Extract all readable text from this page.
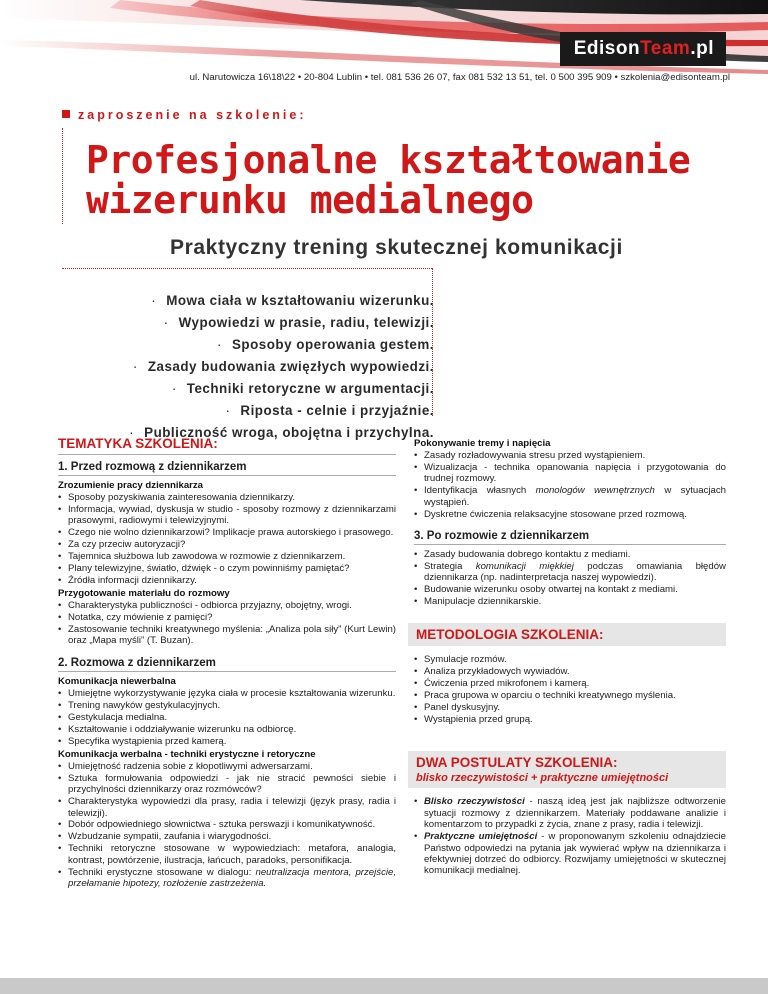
EdisonTeam.pl
ul. Narutowicza 16\18\22 • 20-804 Lublin • tel. 081 536 26 07, fax 081 532 13 51, tel. 0 500 395 909 • szkolenia@edisonteam.pl
zaproszenie na szkolenie:
Profesjonalne kształtowanie
wizerunku medialnego
Praktyczny trening skutecznej komunikacji
· Mowa ciała w kształtowaniu wizerunku.
· Wypowiedzi w prasie, radiu, telewizji.
· Sposoby operowania gestem.
· Zasady budowania zwięzłych wypowiedzi.
· Techniki retoryczne w argumentacji.
· Riposta - celnie i przyjaźnie.
· Publiczność wroga, obojętna i przychylna.
TEMATYKA SZKOLENIA:
1. Przed rozmową z dziennikarzem
Zrozumienie pracy dziennikarza
• Sposoby pozyskiwania zainteresowania dziennikarzy.
• Informacja, wywiad, dyskusja w studio - sposoby rozmowy z dziennikarzami prasowymi, radiowymi i telewizyjnymi.
• Czego nie wolno dziennikarzowi? Implikacje prawa autorskiego i prasowego.
• Za czy przeciw autoryzacji?
• Tajemnica służbowa lub zawodowa w rozmowie z dziennikarzem.
• Plany telewizyjne, światło, dźwięk - o czym powinniśmy pamiętać?
• Źródła informacji dziennikarzy.
Przygotowanie materiału do rozmowy
• Charakterystyka publiczności - odbiorca przyjazny, obojętny, wrogi.
• Notatka, czy mówienie z pamięci?
• Zastosowanie techniki kreatywnego myślenia: „Analiza pola siły” (Kurt Lewin) oraz „Mapa myśli” (T. Buzan).
2. Rozmowa z dziennikarzem
Komunikacja niewerbalna
• Umiejętne wykorzystywanie języka ciała w procesie kształtowania wizerunku.
• Trening nawyków gestykulacyjnych.
• Gestykulacja medialna.
• Kształtowanie i oddziaływanie wizerunku na odbiorcę.
• Specyfika wystąpienia przed kamerą.
Komunikacja werbalna - techniki erystyczne i retoryczne
• Umiejętność radzenia sobie z kłopotliwymi adwersarzami.
• Sztuka formułowania odpowiedzi - jak nie stracić pewności siebie i przychylności dziennikarzy oraz rozmówców?
• Charakterystyka wypowiedzi dla prasy, radia i telewizji (język prasy, radia i telewizji).
• Dobór odpowiedniego słownictwa - sztuka perswazji i komunikatywność.
• Wzbudzanie sympatii, zaufania i wiarygodności.
• Techniki retoryczne stosowane w wypowiedziach: metafora, analogia, kontrast, powtórzenie, ilustracja, łańcuch, paradoks, personifikacja.
• Techniki erystyczne stosowane w dialogu: neutralizacja mentora, przejście, przełamanie hipotezy, rozłożenie zastrzeżenia.
Pokonywanie tremy i napięcia
• Zasady rozładowywania stresu przed wystąpieniem.
• Wizualizacja - technika opanowania napięcia i przygotowania do trudnej rozmowy.
• Identyfikacja własnych monologów wewnętrznych w sytuacjach wystąpień.
• Dyskretne ćwiczenia relaksacyjne stosowane przed rozmową.
3. Po rozmowie z dziennikarzem
• Zasady budowania dobrego kontaktu z mediami.
• Strategia komunikacji miękkiej podczas omawiania błędów dziennikarza (np. nadinterpretacja naszej wypowiedzi).
• Budowanie wizerunku osoby otwartej na kontakt z mediami.
• Manipulacje dziennikarskie.
METODOLOGIA SZKOLENIA:
• Symulacje rozmów.
• Analiza przykładowych wywiadów.
• Ćwiczenia przed mikrofonem i kamerą.
• Praca grupowa w oparciu o techniki kreatywnego myślenia.
• Panel dyskusyjny.
• Wystąpienia przed grupą.
DWA POSTULATY SZKOLENIA:
blisko rzeczywistości + praktyczne umiejętności
• Blisko rzeczywistości - naszą ideą jest jak najbliższe odtworzenie sytuacji rozmowy z dziennikarzem. Materiały poddawane analizie i komentarzom to przypadki z życia, znane z prasy, radia i telewizji.
• Praktyczne umiejętności - w proponowanym szkoleniu odnajdziecie Państwo odpowiedzi na pytania jak wywierać wpływ na dziennikarza i efektywniej dotrzeć do odbiorcy. Rozwijamy umiejętności w skutecznej komunikacji medialnej.
